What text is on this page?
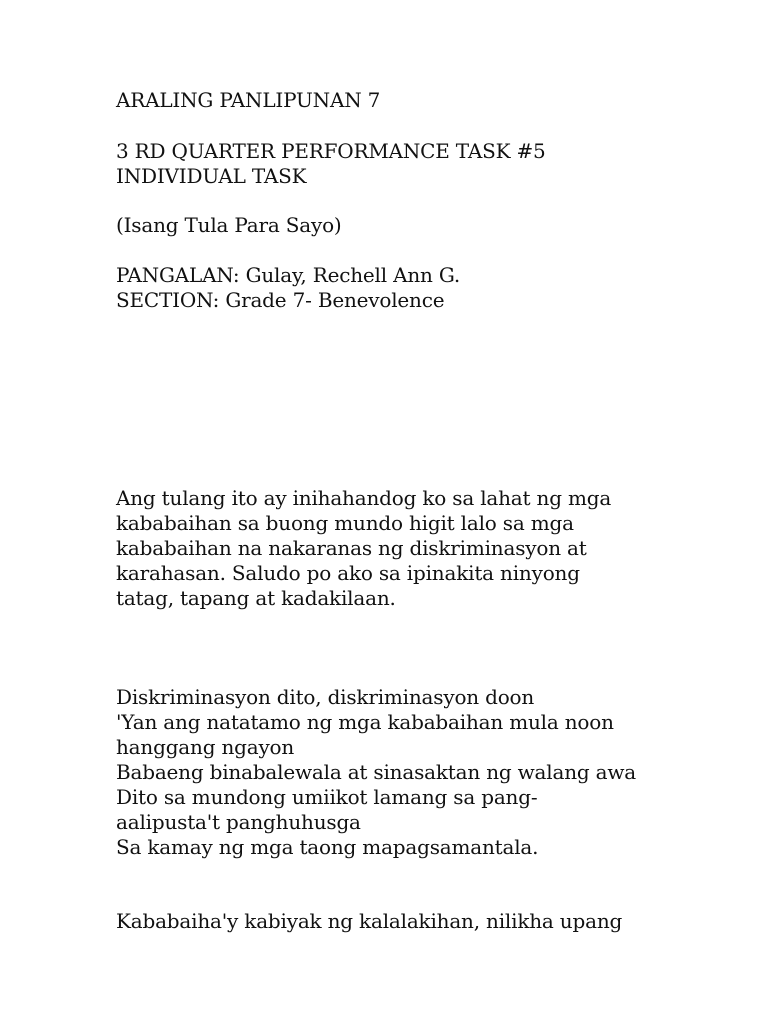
ARALING PANLIPUNAN 7
3 RD QUARTER PERFORMANCE TASK #5
INDIVIDUAL TASK
(Isang Tula Para Sayo)
PANGALAN: Gulay, Rechell Ann G.
SECTION: Grade 7- Benevolence
Ang tulang ito ay inihahandog ko sa lahat ng mga
kababaihan sa buong mundo higit lalo sa mga
kababaihan na nakaranas ng diskriminasyon at
karahasan. Saludo po ako sa ipinakita ninyong
tatag, tapang at kadakilaan.
Diskriminasyon dito, diskriminasyon doon
'Yan ang natatamo ng mga kababaihan mula noon
hanggang ngayon
Babaeng binabalewala at sinasaktan ng walang awa
Dito sa mundong umiikot lamang sa pang-
aalipusta't panghuhusga
Sa kamay ng mga taong mapagsamantala.
Kababaiha'y kabiyak ng kalalakihan, nilikha upang
